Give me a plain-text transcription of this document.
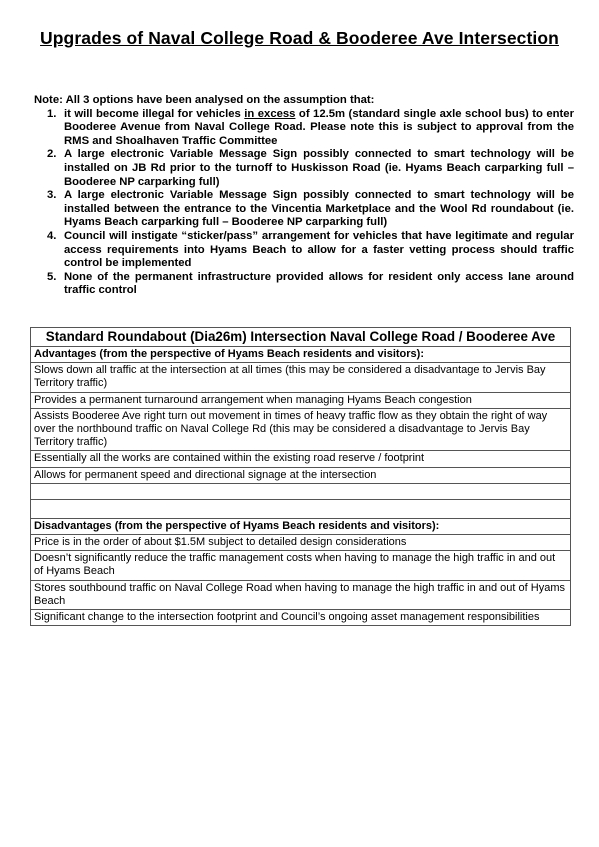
Upgrades of Naval College Road & Booderee Ave Intersection
Note: All 3 options have been analysed on the assumption that:
1. it will become illegal for vehicles in excess of 12.5m (standard single axle school bus) to enter Booderee Avenue from Naval College Road. Please note this is subject to approval from the RMS and Shoalhaven Traffic Committee
2. A large electronic Variable Message Sign possibly connected to smart technology will be installed on JB Rd prior to the turnoff to Huskisson Road (ie. Hyams Beach carparking full – Booderee NP carparking full)
3. A large electronic Variable Message Sign possibly connected to smart technology will be installed between the entrance to the Vincentia Marketplace and the Wool Rd roundabout (ie. Hyams Beach carparking full – Booderee NP carparking full)
4. Council will instigate “sticker/pass” arrangement for vehicles that have legitimate and regular access requirements into Hyams Beach to allow for a faster vetting process should traffic control be implemented
5. None of the permanent infrastructure provided allows for resident only access lane around traffic control
Standard Roundabout (Dia26m) Intersection Naval College Road / Booderee Ave
Advantages (from the perspective of Hyams Beach residents and visitors):
Slows down all traffic at the intersection at all times (this may be considered a disadvantage to Jervis Bay Territory traffic)
Provides a permanent turnaround arrangement when managing Hyams Beach congestion
Assists Booderee Ave right turn out movement in times of heavy traffic flow as they obtain the right of way over the northbound traffic on Naval College Rd (this may be considered a disadvantage to Jervis Bay Territory traffic)
Essentially all the works are contained within the existing road reserve / footprint
Allows for permanent speed and directional signage at the intersection

Disadvantages (from the perspective of Hyams Beach residents and visitors):
Price is in the order of about $1.5M subject to detailed design considerations
Doesn’t significantly reduce the traffic management costs when having to manage the high traffic in and out of Hyams Beach
Stores southbound traffic on Naval College Road when having to manage the high traffic in and out of Hyams Beach
Significant change to the intersection footprint and Council’s ongoing asset management responsibilities
